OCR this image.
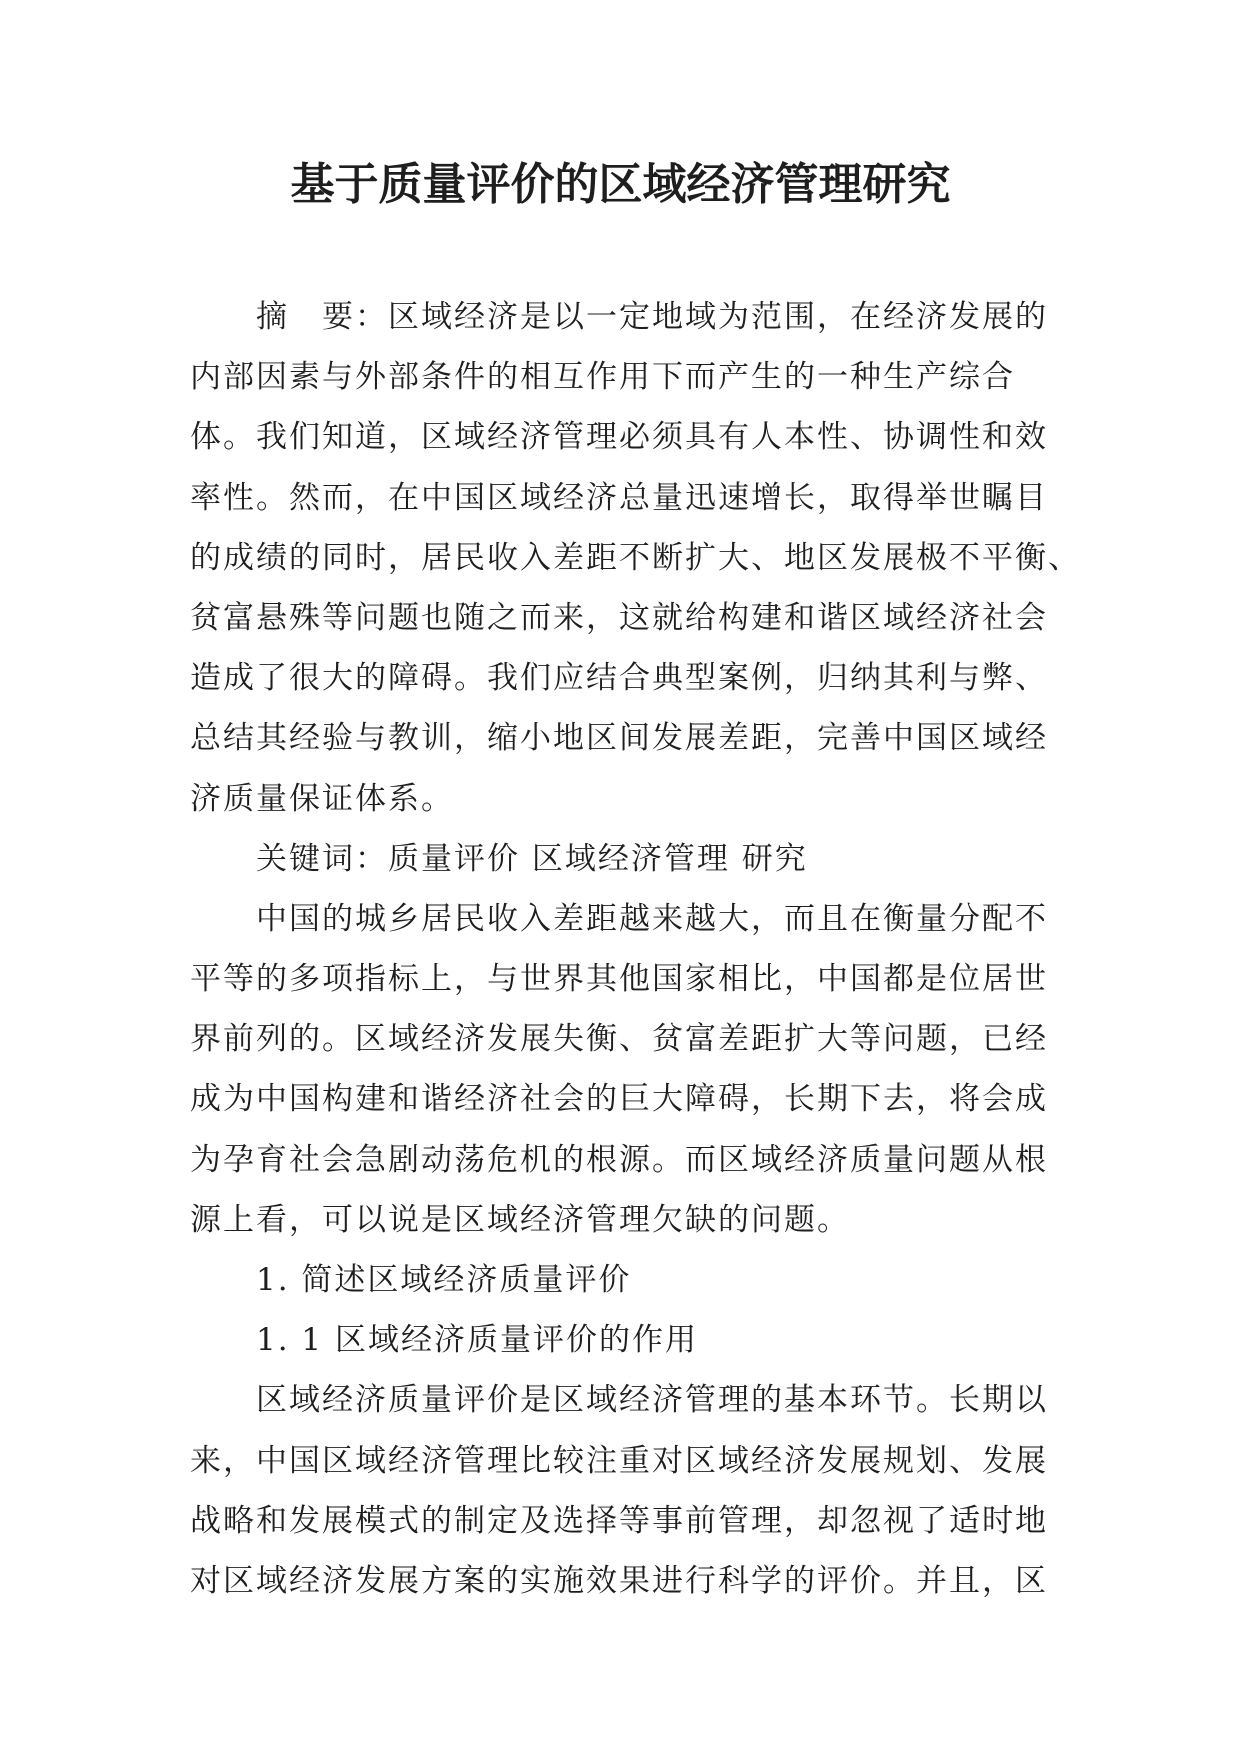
基于质量评价的区域经济管理研究
摘　要：区域经济是以一定地域为范围，在经济发展的
内部因素与外部条件的相互作用下而产生的一种生产综合
体。我们知道，区域经济管理必须具有人本性、协调性和效
率性。然而，在中国区域经济总量迅速增长，取得举世瞩目
的成绩的同时，居民收入差距不断扩大、地区发展极不平衡、
贫富悬殊等问题也随之而来，这就给构建和谐区域经济社会
造成了很大的障碍。我们应结合典型案例，归纳其利与弊、
总结其经验与教训，缩小地区间发展差距，完善中国区域经
济质量保证体系。
关键词：质量评价 区域经济管理 研究
中国的城乡居民收入差距越来越大，而且在衡量分配不
平等的多项指标上，与世界其他国家相比，中国都是位居世
界前列的。区域经济发展失衡、贫富差距扩大等问题，已经
成为中国构建和谐经济社会的巨大障碍，长期下去，将会成
为孕育社会急剧动荡危机的根源。而区域经济质量问题从根
源上看，可以说是区域经济管理欠缺的问题。
1. 简述区域经济质量评价
1. 1 区域经济质量评价的作用
区域经济质量评价是区域经济管理的基本环节。长期以
来，中国区域经济管理比较注重对区域经济发展规划、发展
战略和发展模式的制定及选择等事前管理，却忽视了适时地
对区域经济发展方案的实施效果进行科学的评价。并且，区
